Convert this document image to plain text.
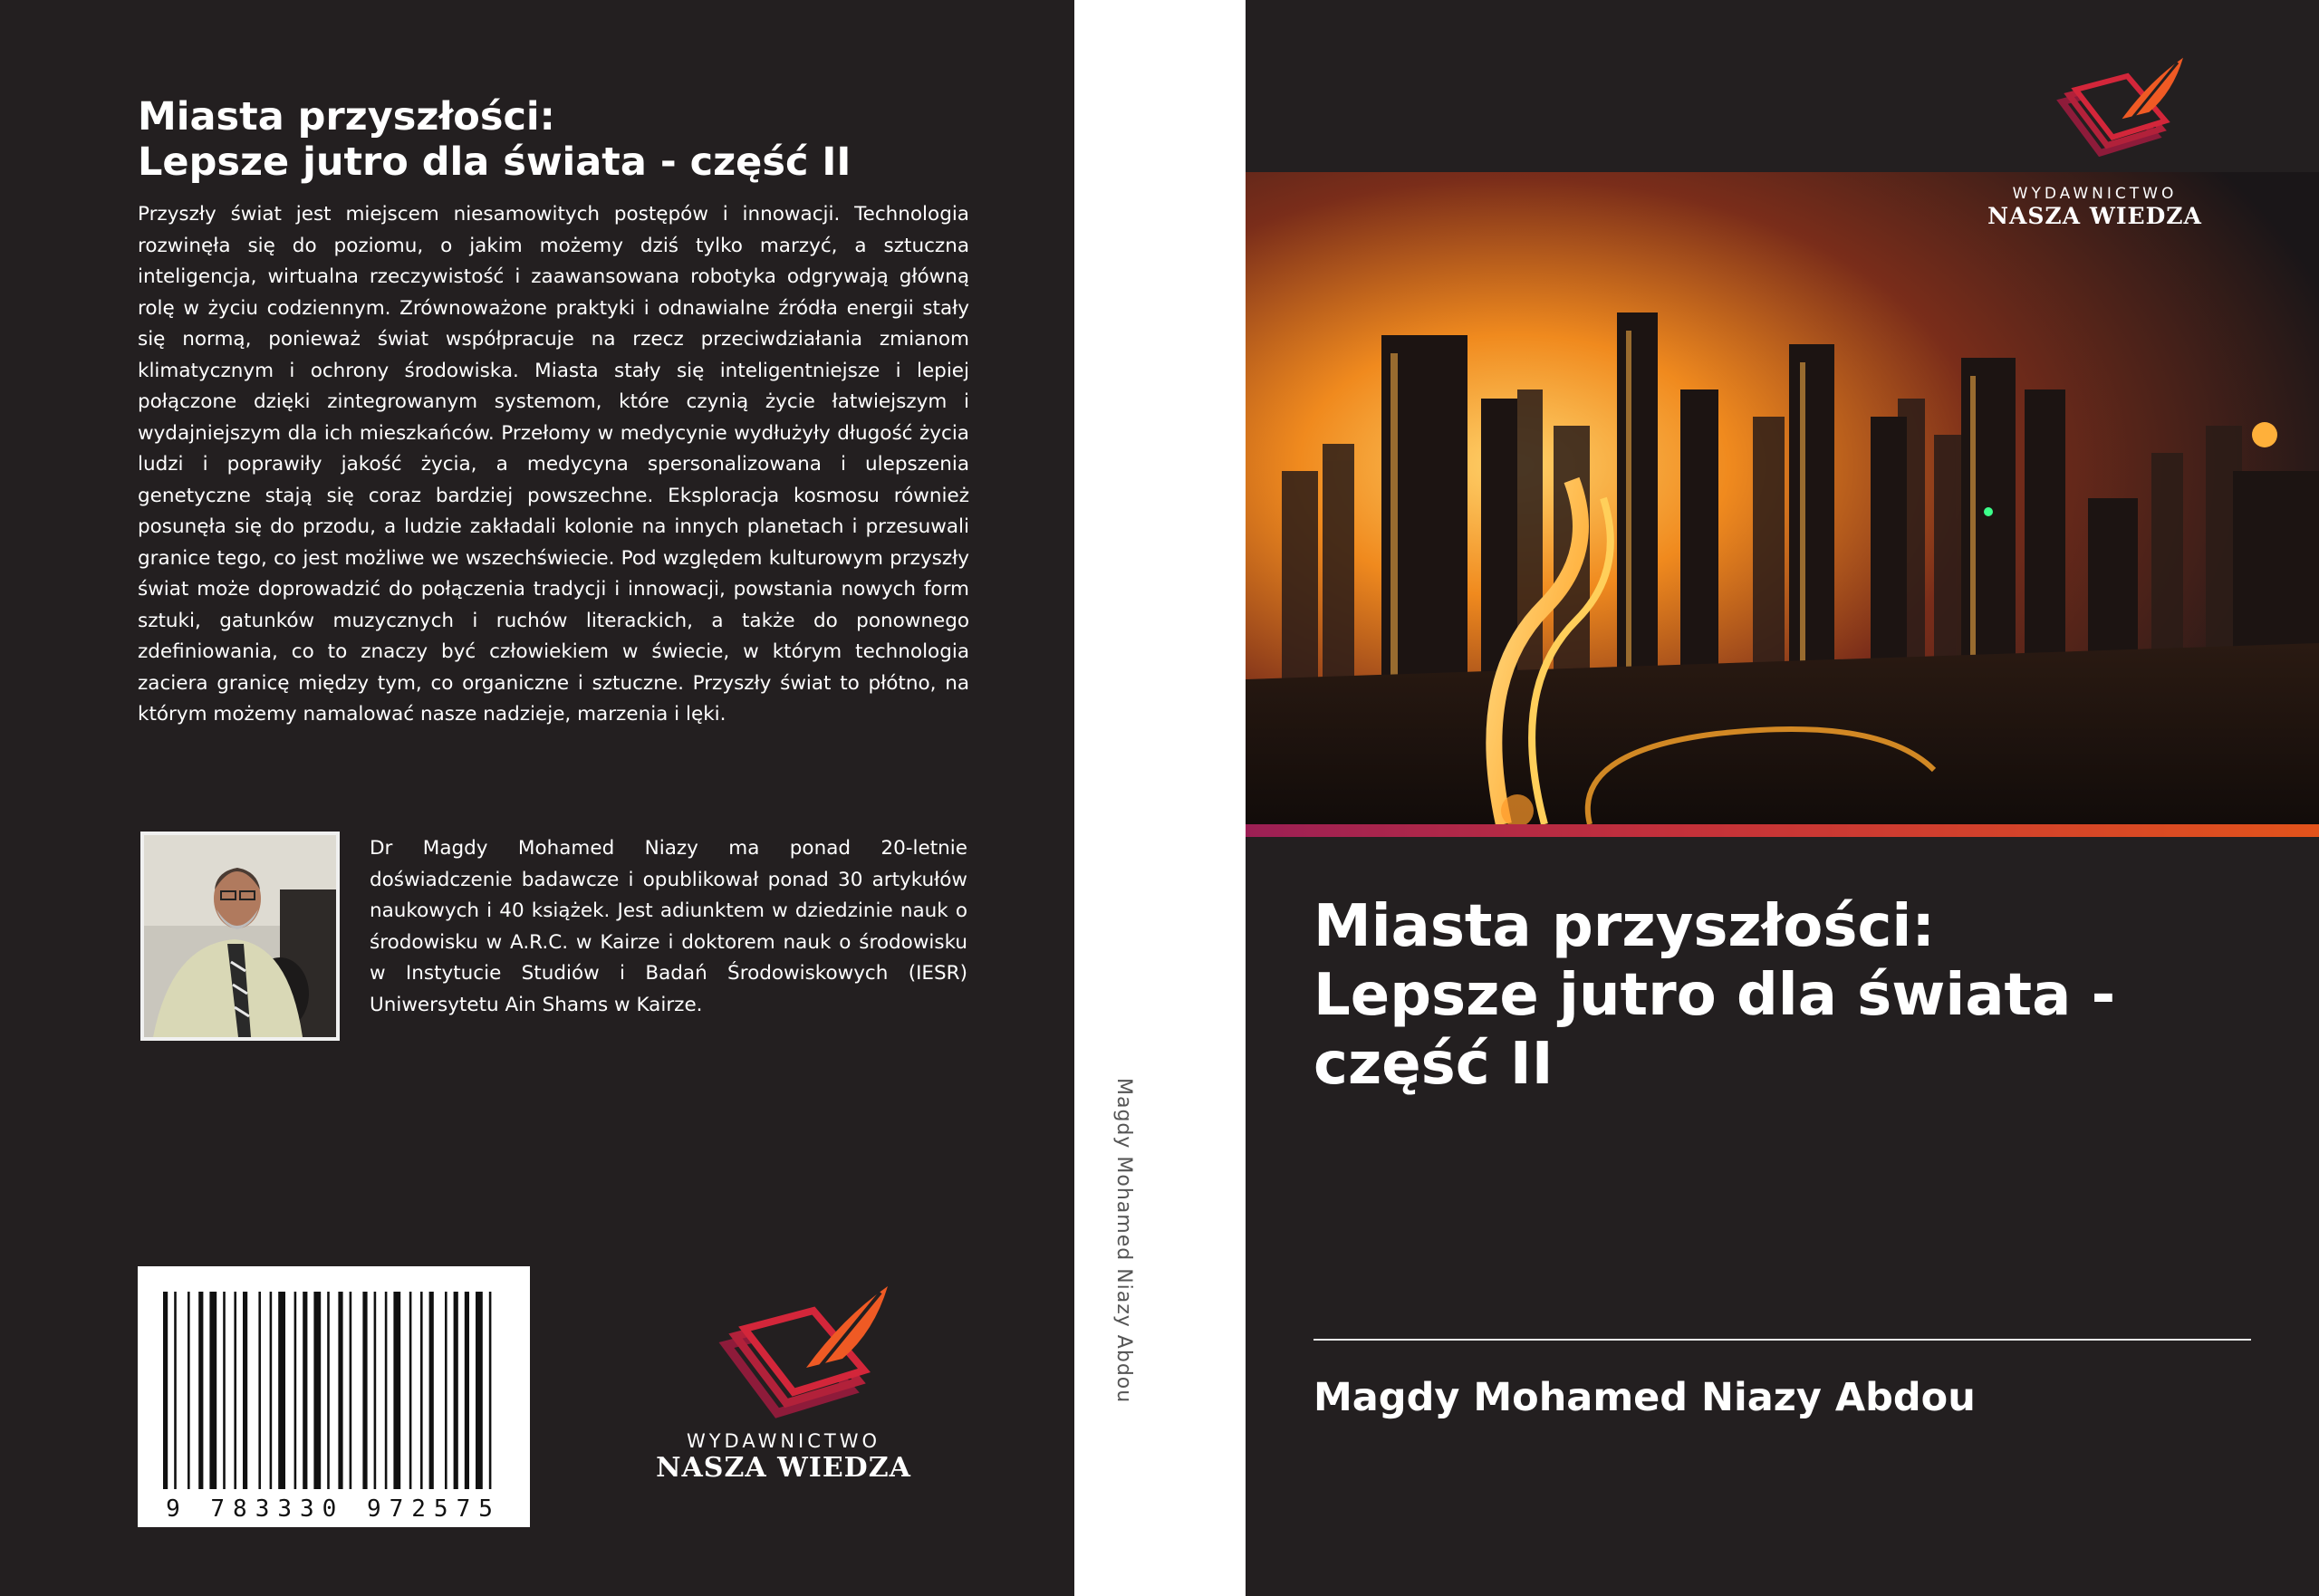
Miasta przyszłości:
Lepsze jutro dla świata - część II

Przyszły świat jest miejscem niesamowitych postępów i innowacji. Technologia rozwinęła się do poziomu, o jakim możemy dziś tylko marzyć, a sztuczna inteligencja, wirtualna rzeczywistość i zaawansowana robotyka odgrywają główną rolę w życiu codziennym. Zrównoważone praktyki i odnawialne źródła energii stały się normą, ponieważ świat współpracuje na rzecz przeciwdziałania zmianom klimatycznym i ochrony środowiska. Miasta stały się inteligentniejsze i lepiej połączone dzięki zintegrowanym systemom, które czynią życie łatwiejszym i wydajniejszym dla ich mieszkańców. Przełomy w medycynie wydłużyły długość życia ludzi i poprawiły jakość życia, a medycyna spersonalizowana i ulepszenia genetyczne stają się coraz bardziej powszechne. Eksploracja kosmosu również posunęła się do przodu, a ludzie zakładali kolonie na innych planetach i przesuwali granice tego, co jest możliwe we wszechświecie. Pod względem kulturowym przyszły świat może doprowadzić do połączenia tradycji i innowacji, powstania nowych form sztuki, gatunków muzycznych i ruchów literackich, a także do ponownego zdefiniowania, co to znaczy być człowiekiem w świecie, w którym technologia zaciera granicę między tym, co organiczne i sztuczne. Przyszły świat to płótno, na którym możemy namalować nasze nadzieje, marzenia i lęki.

Dr Magdy Mohamed Niazy ma ponad 20-letnie doświadczenie badawcze i opublikował ponad 30 artykułów naukowych i 40 książek. Jest adiunktem w dziedzinie nauk o środowisku w A.R.C. w Kairze i doktorem nauk o środowisku w Instytucie Studiów i Badań Środowiskowych (IESR) Uniwersytetu Ain Shams w Kairze.

9 783330 972575
WYDAWNICTWO
NASZA WIEDZA
Magdy Mohamed Niazy Abdou
WYDAWNICTWO
NASZA WIEDZA
Miasta przyszłości:
Lepsze jutro dla świata -
część II

Magdy Mohamed Niazy Abdou
